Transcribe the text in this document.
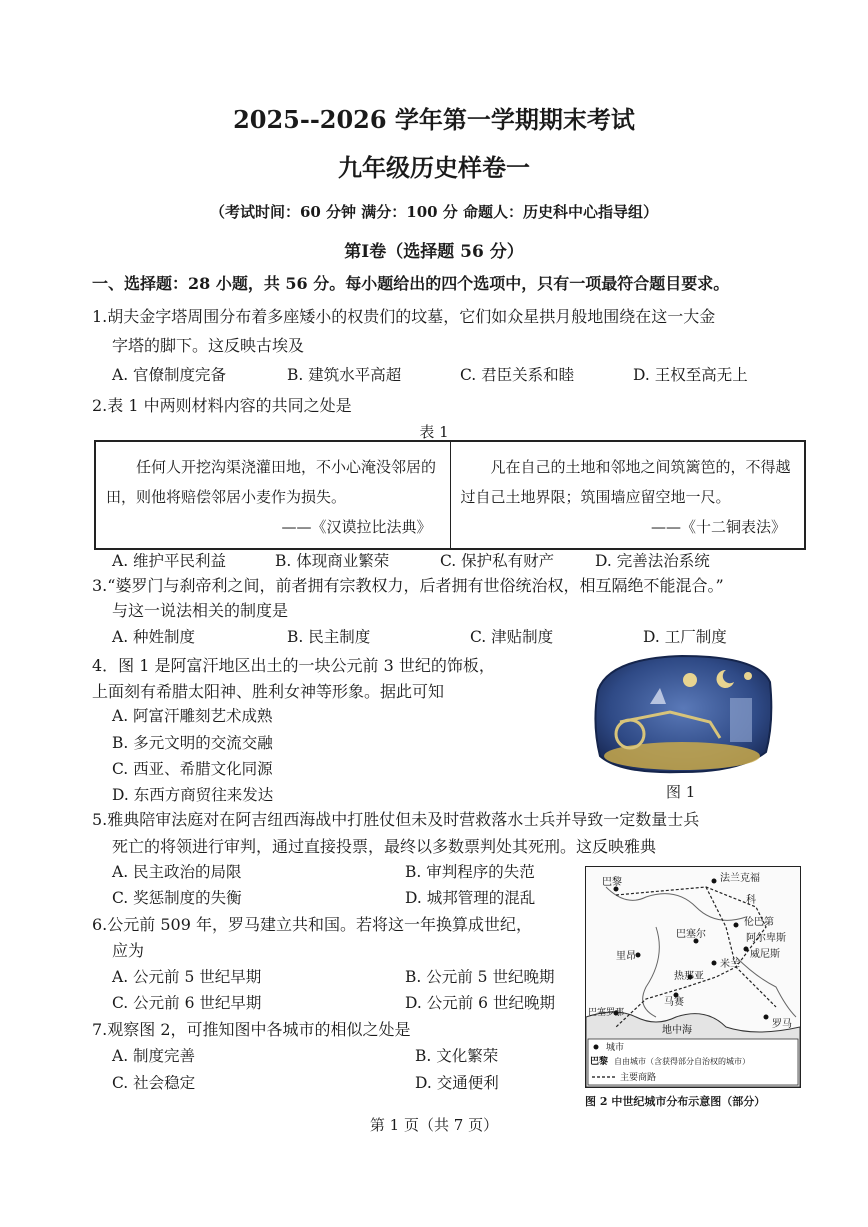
2025--2026 学年第一学期期末考试
九年级历史样卷一
（考试时间：60 分钟 满分：100 分 命题人：历史科中心指导组）
第Ⅰ卷（选择题 56 分）
一、选择题：28 小题，共 56 分。每小题给出的四个选项中，只有一项最符合题目要求。
1.胡夫金字塔周围分布着多座矮小的权贵们的坟墓，它们如众星拱月般地围绕在这一大金
字塔的脚下。这反映古埃及
A. 官僚制度完备	B. 建筑水平高超	C. 君臣关系和睦	D. 王权至高无上
2.表 1 中两则材料内容的共同之处是
表 1
任何人开挖沟渠浇灌田地，不小心淹没邻居的田，则他将赔偿邻居小麦作为损失。
——《汉谟拉比法典》

凡在自己的土地和邻地之间筑篱笆的，不得越过自己土地界限；筑围墙应留空地一尺。
——《十二铜表法》
A. 维护平民利益	B. 体现商业繁荣	C. 保护私有财产	D. 完善法治系统
3.“婆罗门与刹帝利之间，前者拥有宗教权力，后者拥有世俗统治权，相互隔绝不能混合。”
与这一说法相关的制度是
A. 种姓制度	B. 民主制度	C. 津贴制度	D. 工厂制度
4．图 1 是阿富汗地区出土的一块公元前 3 世纪的饰板，
上面刻有希腊太阳神、胜利女神等形象。据此可知
A. 阿富汗雕刻艺术成熟
B. 多元文明的交流交融
C. 西亚、希腊文化同源
D. 东西方商贸往来发达	图 1
5.雅典陪审法庭对在阿吉纽西海战中打胜仗但未及时营救落水士兵并导致一定数量士兵
死亡的将领进行审判，通过直接投票，最终以多数票判处其死刑。这反映雅典
A. 民主政治的局限	B. 审判程序的失范
C. 奖惩制度的失衡	D. 城邦管理的混乱
6.公元前 509 年，罗马建立共和国。若将这一年换算成世纪，
应为
A. 公元前 5 世纪早期	B. 公元前 5 世纪晚期
C. 公元前 6 世纪早期	D. 公元前 6 世纪晚期
7.观察图 2，可推知图中各城市的相似之处是
A. 制度完善	B. 文化繁荣
C. 社会稳定	D. 交通便利
法兰克福
巴黎
科
伦巴第
巴塞尔	阿尔卑斯
威尼斯
里昂
米兰
热那亚
马赛
巴塞罗那
罗马
地中海
城市
巴黎 自由城市（含获得部分自治权的城市）
主要商路
图 2 中世纪城市分布示意图（部分）
第 1 页（共 7 页）
